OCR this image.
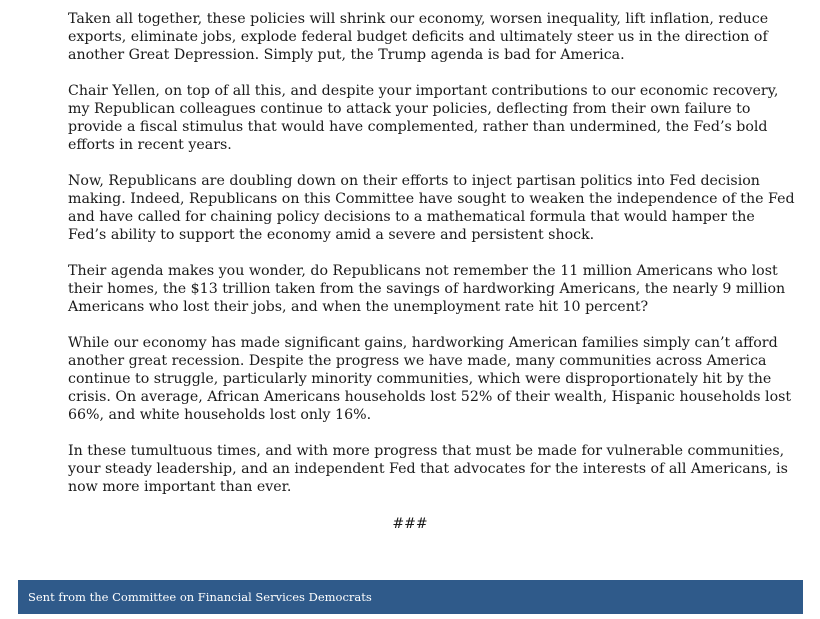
Taken all together, these policies will shrink our economy, worsen inequality, lift inflation, reduce exports, eliminate jobs, explode federal budget deficits and ultimately steer us in the direction of another Great Depression. Simply put, the Trump agenda is bad for America.

Chair Yellen, on top of all this, and despite your important contributions to our economic recovery, my Republican colleagues continue to attack your policies, deflecting from their own failure to provide a fiscal stimulus that would have complemented, rather than undermined, the Fed’s bold efforts in recent years.

Now, Republicans are doubling down on their efforts to inject partisan politics into Fed decision making. Indeed, Republicans on this Committee have sought to weaken the independence of the Fed and have called for chaining policy decisions to a mathematical formula that would hamper the Fed’s ability to support the economy amid a severe and persistent shock.

Their agenda makes you wonder, do Republicans not remember the 11 million Americans who lost their homes, the $13 trillion taken from the savings of hardworking Americans, the nearly 9 million Americans who lost their jobs, and when the unemployment rate hit 10 percent?

While our economy has made significant gains, hardworking American families simply can’t afford another great recession. Despite the progress we have made, many communities across America continue to struggle, particularly minority communities, which were disproportionately hit by the crisis. On average, African Americans households lost 52% of their wealth, Hispanic households lost 66%, and white households lost only 16%.

In these tumultuous times, and with more progress that must be made for vulnerable communities, your steady leadership, and an independent Fed that advocates for the interests of all Americans, is now more important than ever.

###
Sent from the Committee on Financial Services Democrats
